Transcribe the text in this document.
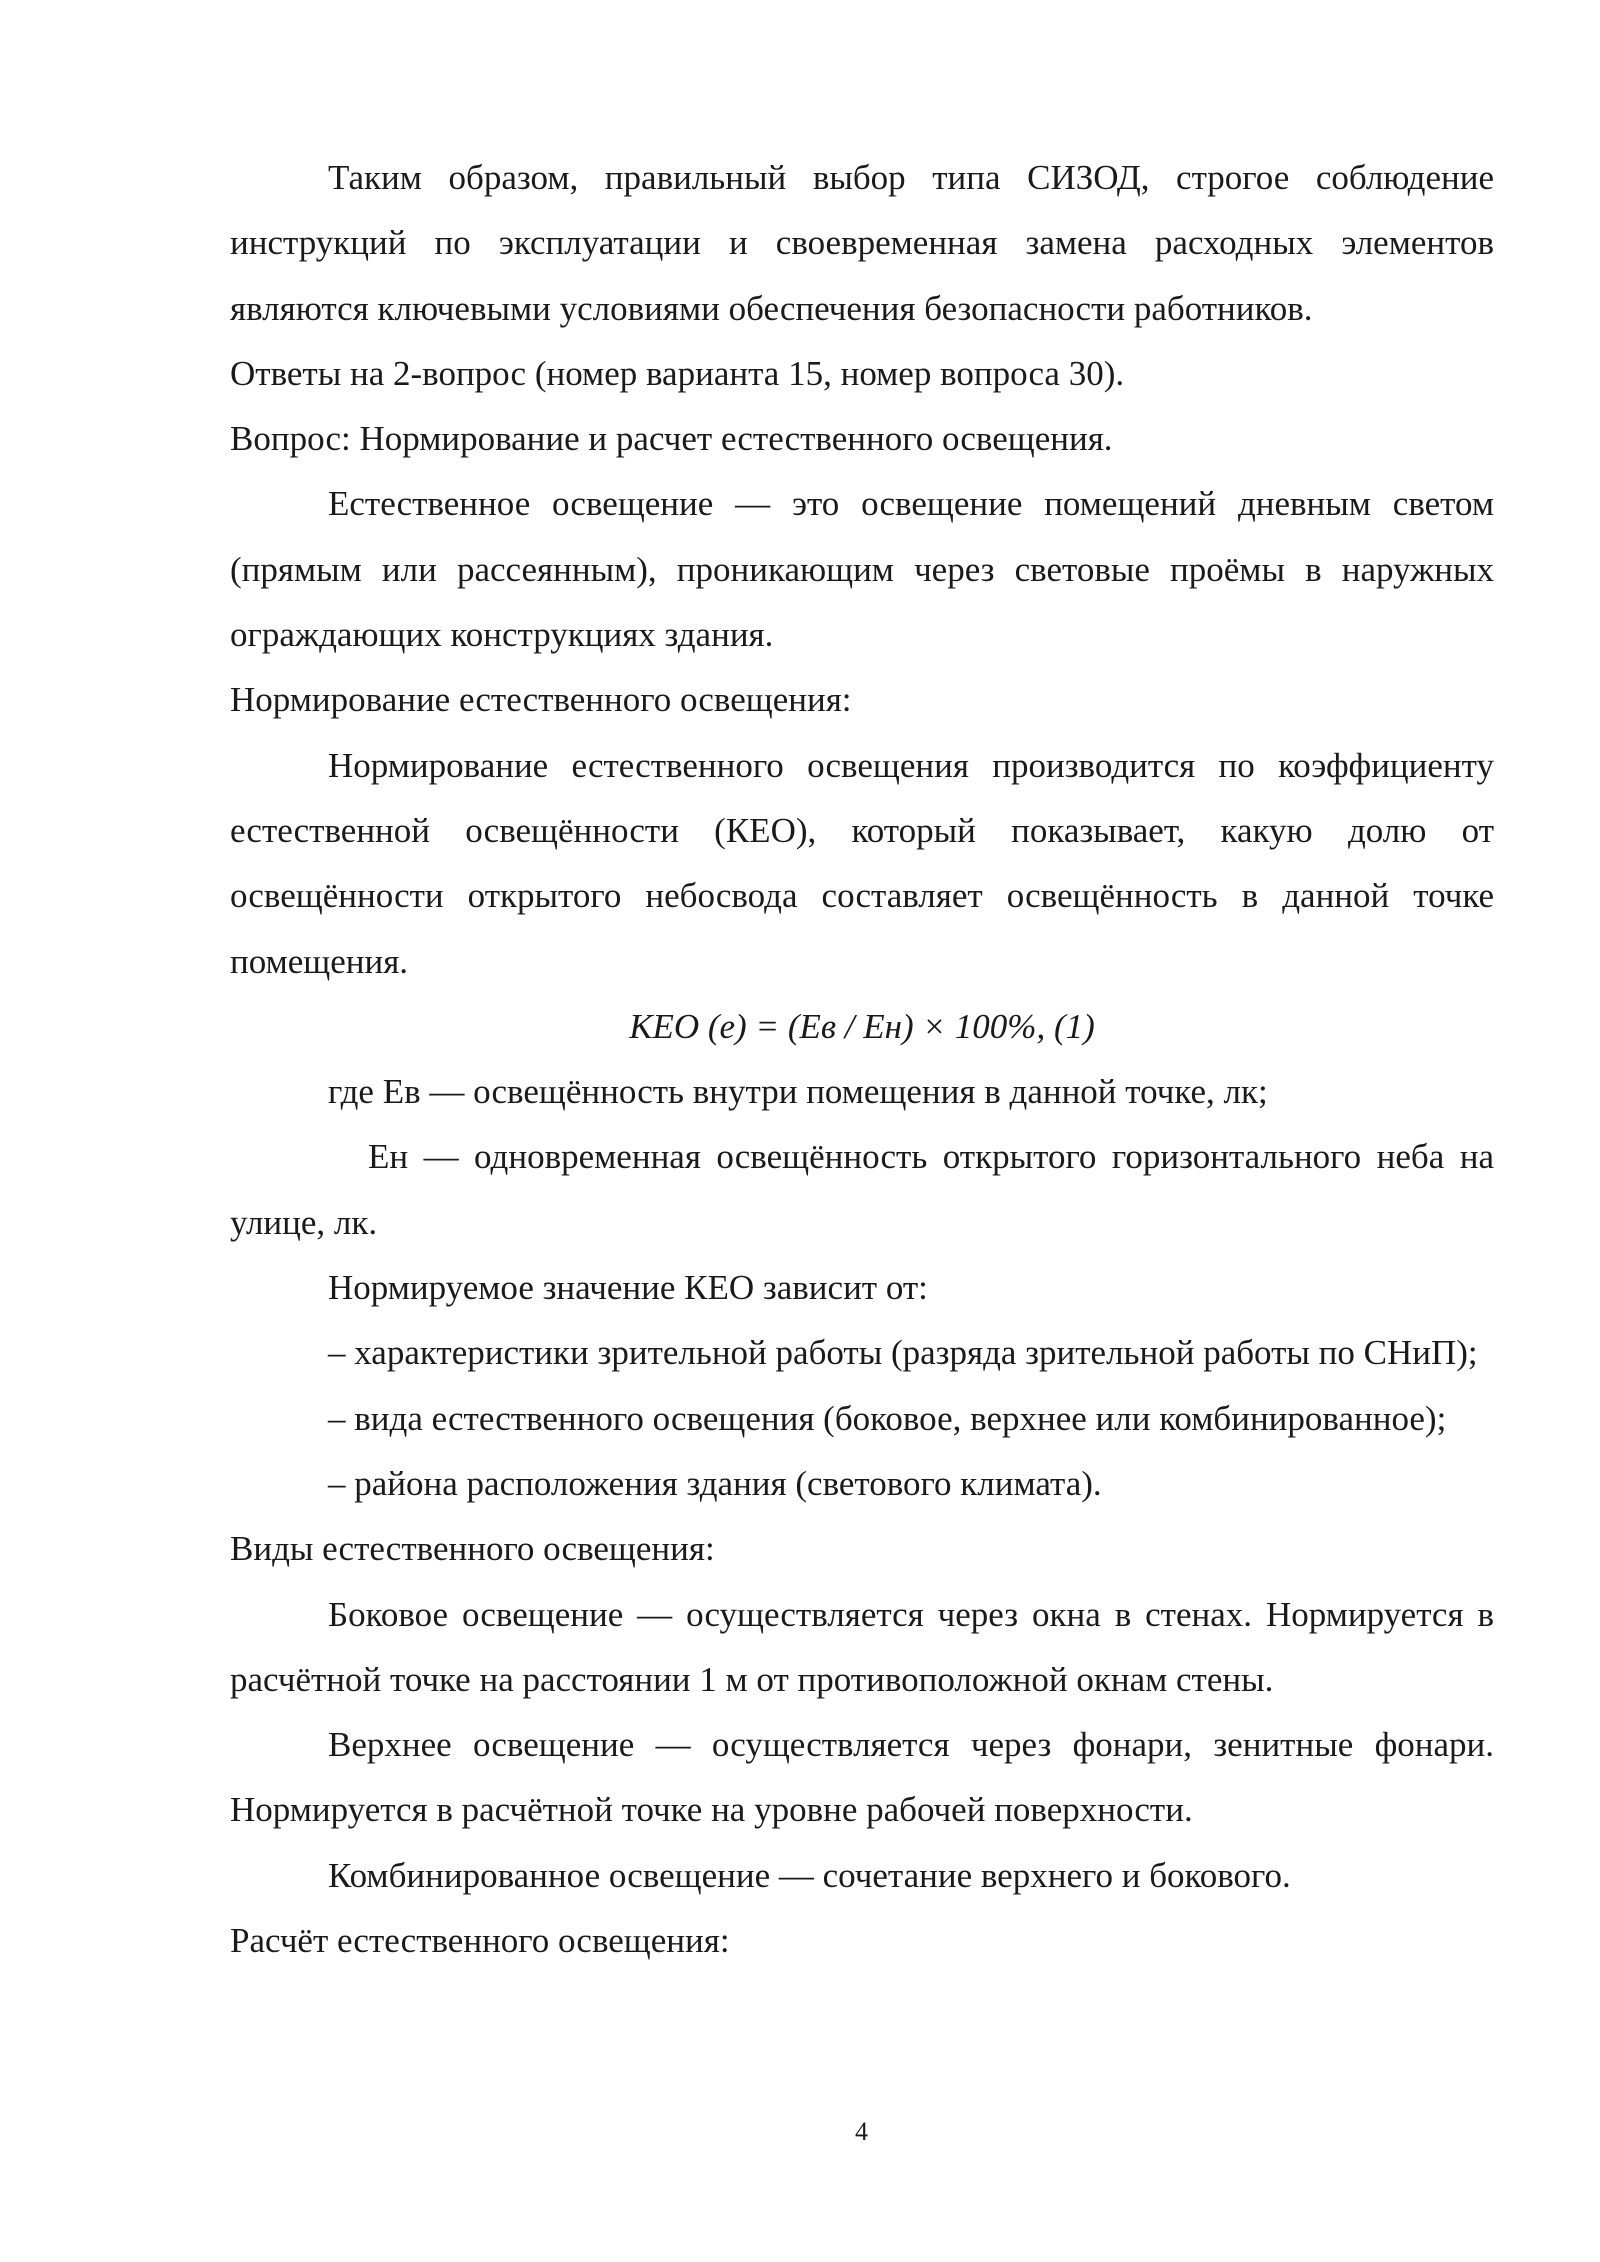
Таким образом, правильный выбор типа СИЗОД, строгое соблюдение инструкций по эксплуатации и своевременная замена расходных элементов являются ключевыми условиями обеспечения безопасности работников.

Ответы на 2-вопрос (номер варианта 15, номер вопроса 30).

Вопрос: Нормирование и расчет естественного освещения.

Естественное освещение — это освещение помещений дневным светом (прямым или рассеянным), проникающим через световые проёмы в наружных ограждающих конструкциях здания.

Нормирование естественного освещения:

Нормирование естественного освещения производится по коэффициенту естественной освещённости (КЕО), который показывает, какую долю от освещённости открытого небосвода составляет освещённость в данной точке помещения.

КЕО (е) = (Ев / Ен) × 100%, (1)

где Ев — освещённость внутри помещения в данной точке, лк;

Ен — одновременная освещённость открытого горизонтального неба на улице, лк.

Нормируемое значение КЕО зависит от:

– характеристики зрительной работы (разряда зрительной работы по СНиП);

– вида естественного освещения (боковое, верхнее или комбинированное);

– района расположения здания (светового климата).

Виды естественного освещения:

Боковое освещение — осуществляется через окна в стенах. Нормируется в расчётной точке на расстоянии 1 м от противоположной окнам стены.

Верхнее освещение — осуществляется через фонари, зенитные фонари. Нормируется в расчётной точке на уровне рабочей поверхности.

Комбинированное освещение — сочетание верхнего и бокового.

Расчёт естественного освещения:

4
